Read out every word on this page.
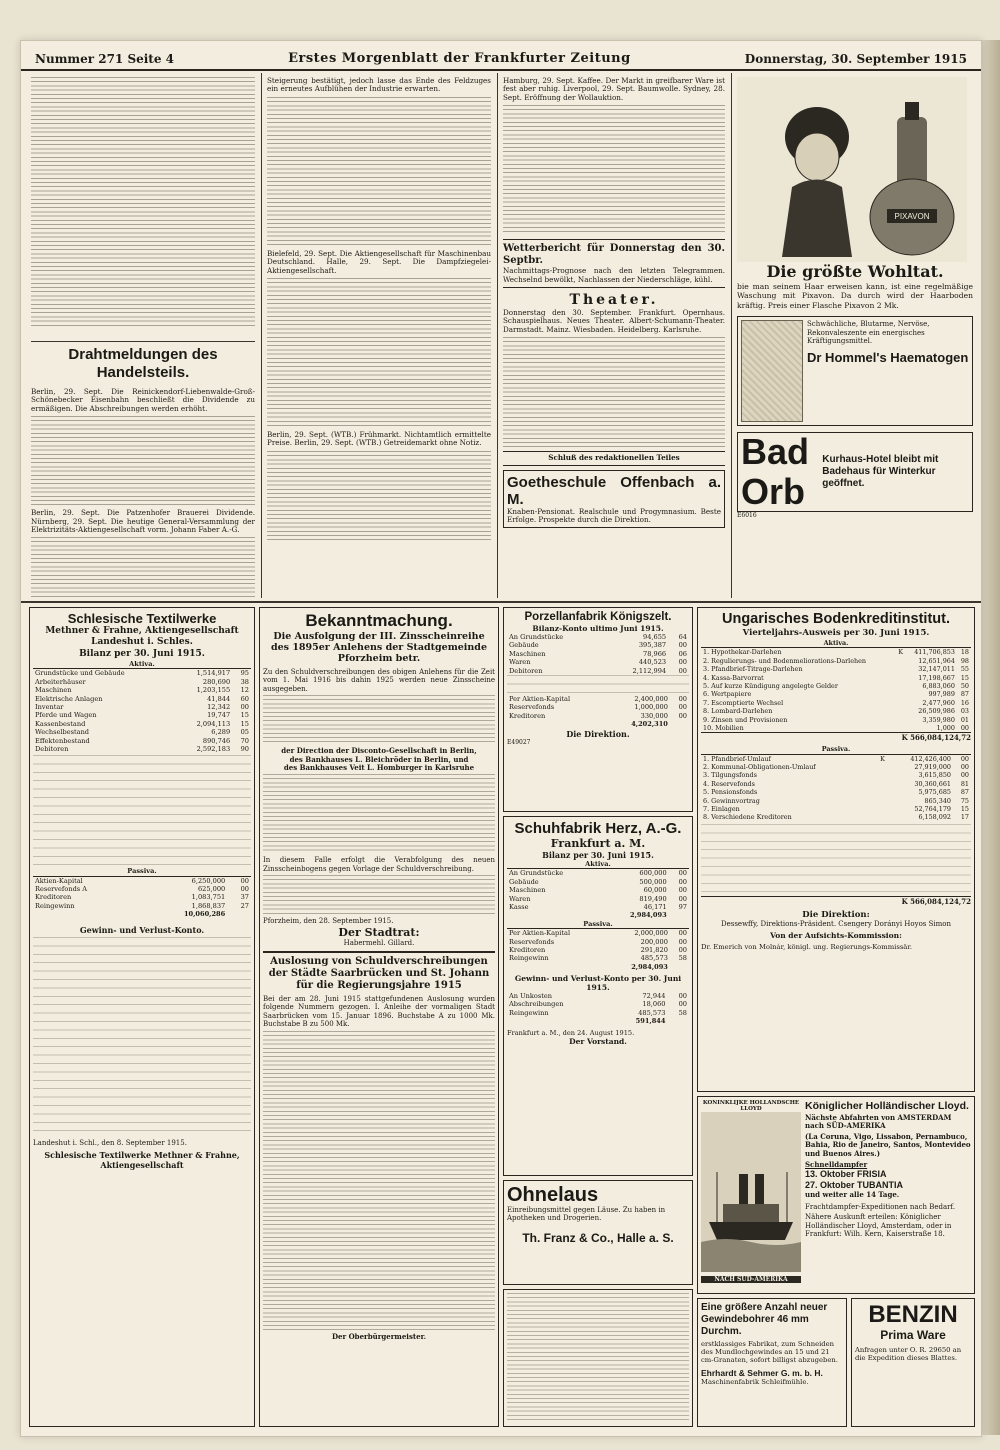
Nummer 271 Seite 4	Erstes Morgenblatt der Frankfurter Zeitung	Donnerstag, 30. September 1915
Drahtmeldungen des Handelsteils.
Berlin, 29. Sept. Die Reinickendorf-Liebenwalde-Groß-Schönebecker Eisenbahn beschließt die Dividende zu ermäßigen. Die Abschreibungen werden erhöht.
Berlin, 29. Sept. Die Patzenhofer Brauerei Dividende. Nürnberg, 29. Sept. Die heutige General-Versammlung der Elektrizitäts-Aktiengesellschaft vorm. Johann Faber A.-G.
Steigerung bestätigt, jedoch lasse das Ende des Feldzuges ein erneutes Aufblühen der Industrie erwarten.
Bielefeld, 29. Sept. Die Aktiengesellschaft für Maschinenbau Deutschland. Halle, 29. Sept. Die Dampfziegelei-Aktiengesellschaft.
Berlin, 29. Sept. (WTB.) Frühmarkt. Nichtamtlich ermittelte Preise. Berlin, 29. Sept. (WTB.) Getreidemarkt ohne Notiz.
Hamburg, 29. Sept. Kaffee. Der Markt in greifbarer Ware ist fest aber ruhig. Liverpool, 29. Sept. Baumwolle. Sydney, 28. Sept. Eröffnung der Wollauktion.
Wetterbericht für Donnerstag den 30. Septbr.
Nachmittags-Prognose nach den letzten Telegrammen. Wechselnd bewölkt, Nachlassen der Niederschläge, kühl.
Theater.
Donnerstag den 30. September. Frankfurt. Opernhaus. Schauspielhaus. Neues Theater. Albert-Schumann-Theater. Darmstadt. Mainz. Wiesbaden. Heidelberg. Karlsruhe.
Schluß des redaktionellen Teiles
Goetheschule Offenbach a. M.
Knaben-Pensionat. Realschule und Progymnasium. Beste Erfolge. Prospekte durch die Direktion.
PIXAVON
Die größte Wohltat.
bie man seinem Haar erweisen kann, ist eine regelmäßige Waschung mit Pixavon. Da durch wird der Haarboden kräftig. Preis einer Flasche Pixavon 2 Mk.
Schwächliche, Blutarme, Nervöse, Rekonvaleszente ein energisches Kräftigungsmittel.
Dr Hommel's Haematogen
Bad Orb
Kurhaus-Hotel bleibt mit Badehaus für Winterkur geöffnet.
E6016
Schlesische Textilwerke
Methner & Frahne, Aktiengesellschaft
Landeshut i. Schles.
Bilanz per 30. Juni 1915.
Aktiva.		
Grundstücke und Gebäude	1,514,917	95
Arbeiterhäuser	280,690	38
Maschinen	1,203,155	12
Elektrische Anlagen	41,844	60
Inventar	12,342	00
Pferde und Wagen	19,747	15
Kassenbestand	2,094,113	15
Wechselbestand	6,289	05
Effektenbestand	890,746	70
Debitoren	2,592,183	90
Passiva.		
Aktien-Kapital	6,250,000	00
Reservefonds A	625,000	00
Kreditoren	1,083,751	37
Reingewinn	1,868,837	27
	10,060,286	
Gewinn- und Verlust-Konto.
Landeshut i. Schl., den 8. September 1915.
Schlesische Textilwerke Methner & Frahne, Aktiengesellschaft
Bekanntmachung.
Die Ausfolgung der III. Zinsscheinreihe des 1895er Anlehens der Stadtgemeinde Pforzheim betr.
Zu den Schuldverschreibungen des obigen Anlehens für die Zeit vom 1. Mai 1916 bis dahin 1925 werden neue Zinsscheine ausgegeben.
der Direction der Disconto-Gesellschaft in Berlin,
des Bankhauses L. Bleichröder in Berlin, und
des Bankhauses Veit L. Homburger in Karlsruhe
In diesem Falle erfolgt die Verabfolgung des neuen Zinsscheinbogens gegen Vorlage der Schuldverschreibung.
Pforzheim, den 28. September 1915.
Der Stadtrat:
Habermehl. Gillard.
Auslosung von Schuldverschreibungen der Städte Saarbrücken und St. Johann für die Regierungsjahre 1915
Bei der am 28. Juni 1915 stattgefundenen Auslosung wurden folgende Nummern gezogen. I. Anleihe der vormaligen Stadt Saarbrücken vom 15. Januar 1896. Buchstabe A zu 1000 Mk. Buchstabe B zu 500 Mk.
Der Oberbürgermeister.
Porzellanfabrik Königszelt.
Bilanz-Konto ultimo Juni 1915.
An Grundstücke	94,655	64
Gebäude	395,387	00
Maschinen	78,966	06
Waren	440,523	00
Debitoren	2,112,994	00
Per Aktien-Kapital	2,400,000	00
Reservefonds	1,000,000	00
Kreditoren	330,000	00
	4,202,310	
Die Direktion.
E49027
Schuhfabrik Herz, A.-G.
Frankfurt a. M.
Bilanz per 30. Juni 1915.
Aktiva.		
An Grundstücke	600,000	00
Gebäude	500,000	00
Maschinen	60,000	00
Waren	819,490	00
Kasse	46,171	97
	2,984,093	
Passiva.		
Per Aktien-Kapital	2,000,000	00
Reservefonds	200,000	00
Kreditoren	291,820	00
Reingewinn	485,573	58
	2,984,093	
Gewinn- und Verlust-Konto per 30. Juni 1915.
An Unkosten	72,944	00
Abschreibungen	18,060	00
Reingewinn	485,573	58
	591,844	
Frankfurt a. M., den 24. August 1915.
Der Vorstand.
Ungarisches Bodenkreditinstitut.
Vierteljahrs-Ausweis per 30. Juni 1915.
Aktiva.			
1. Hypothekar-Darlehen	K	411,706,853	18
2. Regulierungs- und Bodenmeliorations-Darlehen		12,651,964	98
3. Pfandbrief-Titrage-Darlehen		32,147,011	55
4. Kassa-Barvorrat		17,198,667	15
5. Auf kurze Kündigung angelegte Gelder		6,883,060	50
6. Wertpapiere		997,989	87
7. Escomptierte Wechsel		2,477,960	16
8. Lombard-Darlehen		26,509,986	03
9. Zinsen und Provisionen		3,359,980	01
10. Mobilien		1,000	00
K 566,084,124,72
Passiva.			
1. Pfandbrief-Umlauf	K	412,426,400	00
2. Kommunal-Obligationen-Umlauf		27,919,000	00
3. Tilgungsfonds		3,615,850	00
4. Reservefonds		30,360,661	81
5. Pensionsfonds		5,975,685	87
6. Gewinnvortrag		865,340	75
7. Einlagen		52,764,179	15
8. Verschiedene Kreditoren		6,158,092	17
K 566,084,124,72
Die Direktion:
Dessewffy, Direktions-Präsident. Csengery Dorányi Hoyos Simon
Von der Aufsichts-Kommission:
Dr. Emerich von Molnár, königl. ung. Regierungs-Kommissär.
KONINKLIJKE HOLLANDSCHE LLOYD
NACH SÜD-AMERIKA
Königlicher Holländischer Lloyd.
Nächste Abfahrten von AMSTERDAM nach SÜD-AMERIKA
(La Coruna, Vigo, Lissabon, Pernambuco, Bahia, Rio de Janeiro, Santos, Montevideo und Buenos Aires.)
Schnelldampfer
13. Oktober FRISIA
27. Oktober TUBANTIA
und weiter alle 14 Tage.
Frachtdampfer-Expeditionen nach Bedarf.
Nähere Auskunft erteilen: Königlicher Holländischer Lloyd, Amsterdam, oder in Frankfurt: Wilh. Kern, Kaiserstraße 18.
Ohnelaus
Einreibungsmittel gegen Läuse. Zu haben in Apotheken und Drogerien.
Th. Franz & Co., Halle a. S.
Eine größere Anzahl neuer Gewindebohrer 46 mm Durchm.
erstklassiges Fabrikat, zum Schneiden des Mundlochgewindes an 15 und 21 cm-Granaten, sofort billigst abzugeben.
Ehrhardt & Sehmer G. m. b. H.
Maschinenfabrik Schleifmühle.
BENZIN
Prima Ware
Anfragen unter O. R. 29650 an die Expedition dieses Blattes.
